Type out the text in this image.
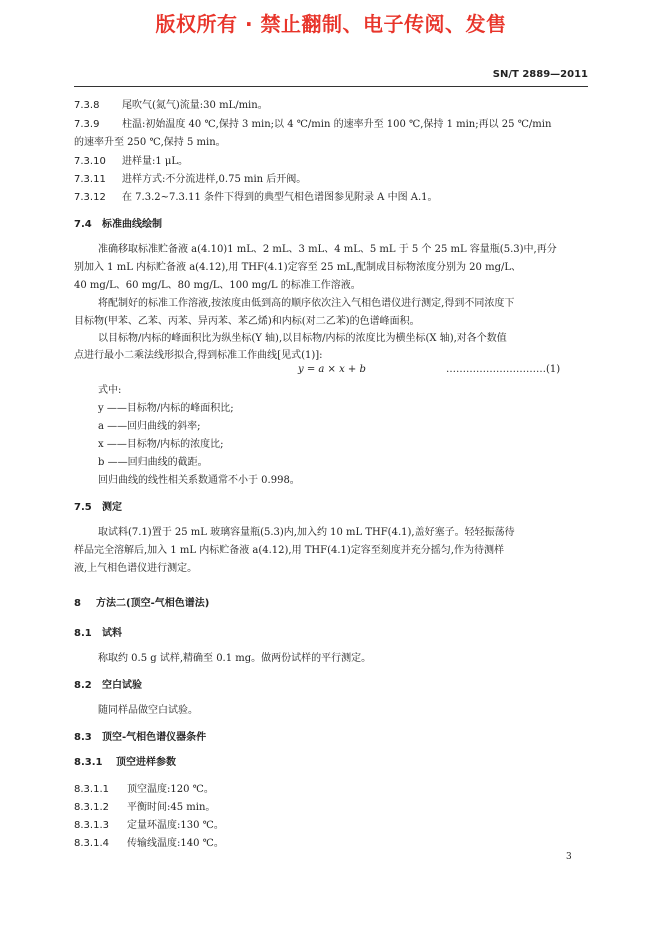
版权所有 · 禁止翻制、电子传阅、发售
SN/T 2889—2011
7.3.8 尾吹气(氮气)流量:30 mL/min。
7.3.9 柱温:初始温度 40 ℃,保持 3 min;以 4 ℃/min 的速率升至 100 ℃,保持 1 min;再以 25 ℃/min
的速率升至 250 ℃,保持 5 min。
7.3.10 进样量:1 μL。
7.3.11 进样方式:不分流进样,0.75 min 后开阀。
7.3.12 在 7.3.2~7.3.11 条件下得到的典型气相色谱图参见附录 A 中图 A.1。
7.4 标准曲线绘制
准确移取标准贮备液 a(4.10)1 mL、2 mL、3 mL、4 mL、5 mL 于 5 个 25 mL 容量瓶(5.3)中,再分
别加入 1 mL 内标贮备液 a(4.12),用 THF(4.1)定容至 25 mL,配制成目标物浓度分别为 20 mg/L、
40 mg/L、60 mg/L、80 mg/L、100 mg/L 的标准工作溶液。
将配制好的标准工作溶液,按浓度由低到高的顺序依次注入气相色谱仪进行测定,得到不同浓度下
目标物(甲苯、乙苯、丙苯、异丙苯、苯乙烯)和内标(对二乙苯)的色谱峰面积。
以目标物/内标的峰面积比为纵坐标(Y 轴),以目标物/内标的浓度比为横坐标(X 轴),对各个数值
点进行最小二乘法线形拟合,得到标准工作曲线[见式(1)]:
y = a × x + b	…………………………(1)
式中:
y ——目标物/内标的峰面积比;
a ——回归曲线的斜率;
x ——目标物/内标的浓度比;
b ——回归曲线的截距。
回归曲线的线性相关系数通常不小于 0.998。
7.5 测定
取试料(7.1)置于 25 mL 玻璃容量瓶(5.3)内,加入约 10 mL THF(4.1),盖好塞子。轻轻振荡待
样品完全溶解后,加入 1 mL 内标贮备液 a(4.12),用 THF(4.1)定容至刻度并充分摇匀,作为待测样
液,上气相色谱仪进行测定。
8 方法二(顶空-气相色谱法)
8.1 试料
称取约 0.5 g 试样,精确至 0.1 mg。做两份试样的平行测定。
8.2 空白试验
随同样品做空白试验。
8.3 顶空-气相色谱仪器条件
8.3.1 顶空进样参数
8.3.1.1 顶空温度:120 ℃。
8.3.1.2 平衡时间:45 min。
8.3.1.3 定量环温度:130 ℃。
8.3.1.4 传输线温度:140 ℃。
3
